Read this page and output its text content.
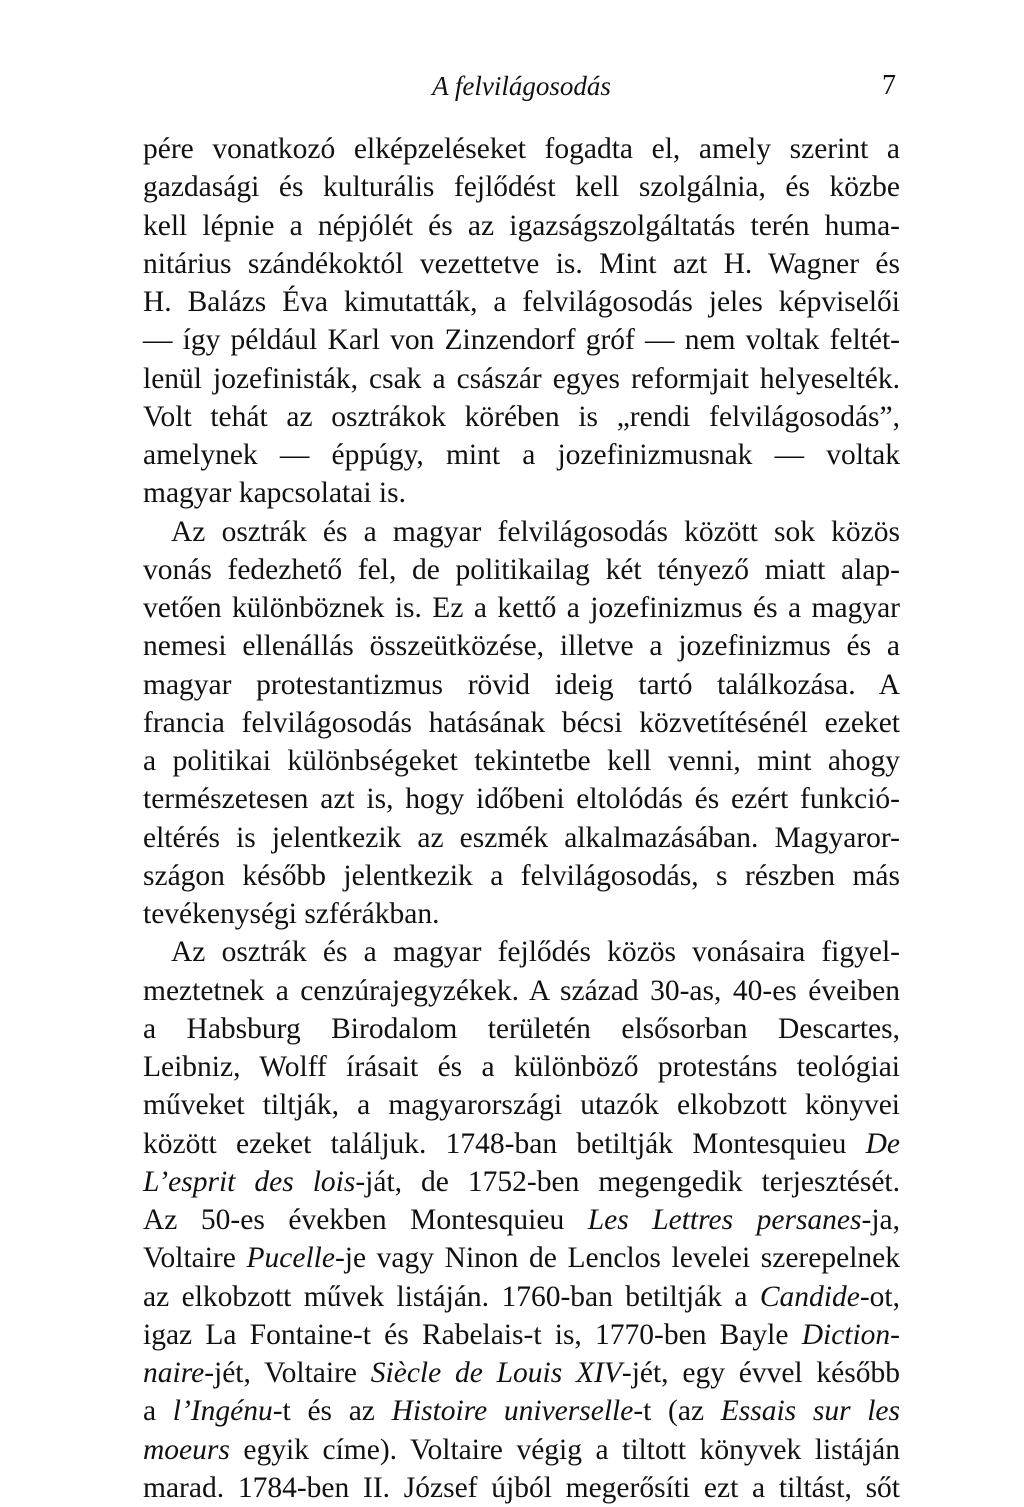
A felvilágosodás	7
pére vonatkozó elképzeléseket fogadta el, amely szerint a
gazdasági és kulturális fejlődést kell szolgálnia, és közbe
kell lépnie a népjólét és az igazságszolgáltatás terén huma-
nitárius szándékoktól vezettetve is. Mint azt H. Wagner és
H. Balázs Éva kimutatták, a felvilágosodás jeles képviselői
— így például Karl von Zinzendorf gróf — nem voltak feltét-
lenül jozefinisták, csak a császár egyes reformjait helyeselték.
Volt tehát az osztrákok körében is „rendi felvilágosodás”,
amelynek — éppúgy, mint a jozefinizmusnak — voltak
magyar kapcsolatai is.
Az osztrák és a magyar felvilágosodás között sok közös
vonás fedezhető fel, de politikailag két tényező miatt alap-
vetően különböznek is. Ez a kettő a jozefinizmus és a magyar
nemesi ellenállás összeütközése, illetve a jozefinizmus és a
magyar protestantizmus rövid ideig tartó találkozása. A
francia felvilágosodás hatásának bécsi közvetítésénél ezeket
a politikai különbségeket tekintetbe kell venni, mint ahogy
természetesen azt is, hogy időbeni eltolódás és ezért funkció-
eltérés is jelentkezik az eszmék alkalmazásában. Magyaror-
szágon később jelentkezik a felvilágosodás, s részben más
tevékenységi szférákban.
Az osztrák és a magyar fejlődés közös vonásaira figyel-
meztetnek a cenzúrajegyzékek. A század 30-as, 40-es éveiben
a Habsburg Birodalom területén elsősorban Descartes,
Leibniz, Wolff írásait és a különböző protestáns teológiai
műveket tiltják, a magyarországi utazók elkobzott könyvei
között ezeket találjuk. 1748-ban betiltják Montesquieu De
L’esprit des lois-ját, de 1752-ben megengedik terjesztését.
Az 50-es években Montesquieu Les Lettres persanes-ja,
Voltaire Pucelle-je vagy Ninon de Lenclos levelei szerepelnek
az elkobzott művek listáján. 1760-ban betiltják a Candide-ot,
igaz La Fontaine-t és Rabelais-t is, 1770-ben Bayle Diction-
naire-jét, Voltaire Siècle de Louis XIV-jét, egy évvel később
a l’Ingénu-t és az Histoire universelle-t (az Essais sur les
moeurs egyik címe). Voltaire végig a tiltott könyvek listáján
marad. 1784-ben II. József újból megerősíti ezt a tiltást, sőt
